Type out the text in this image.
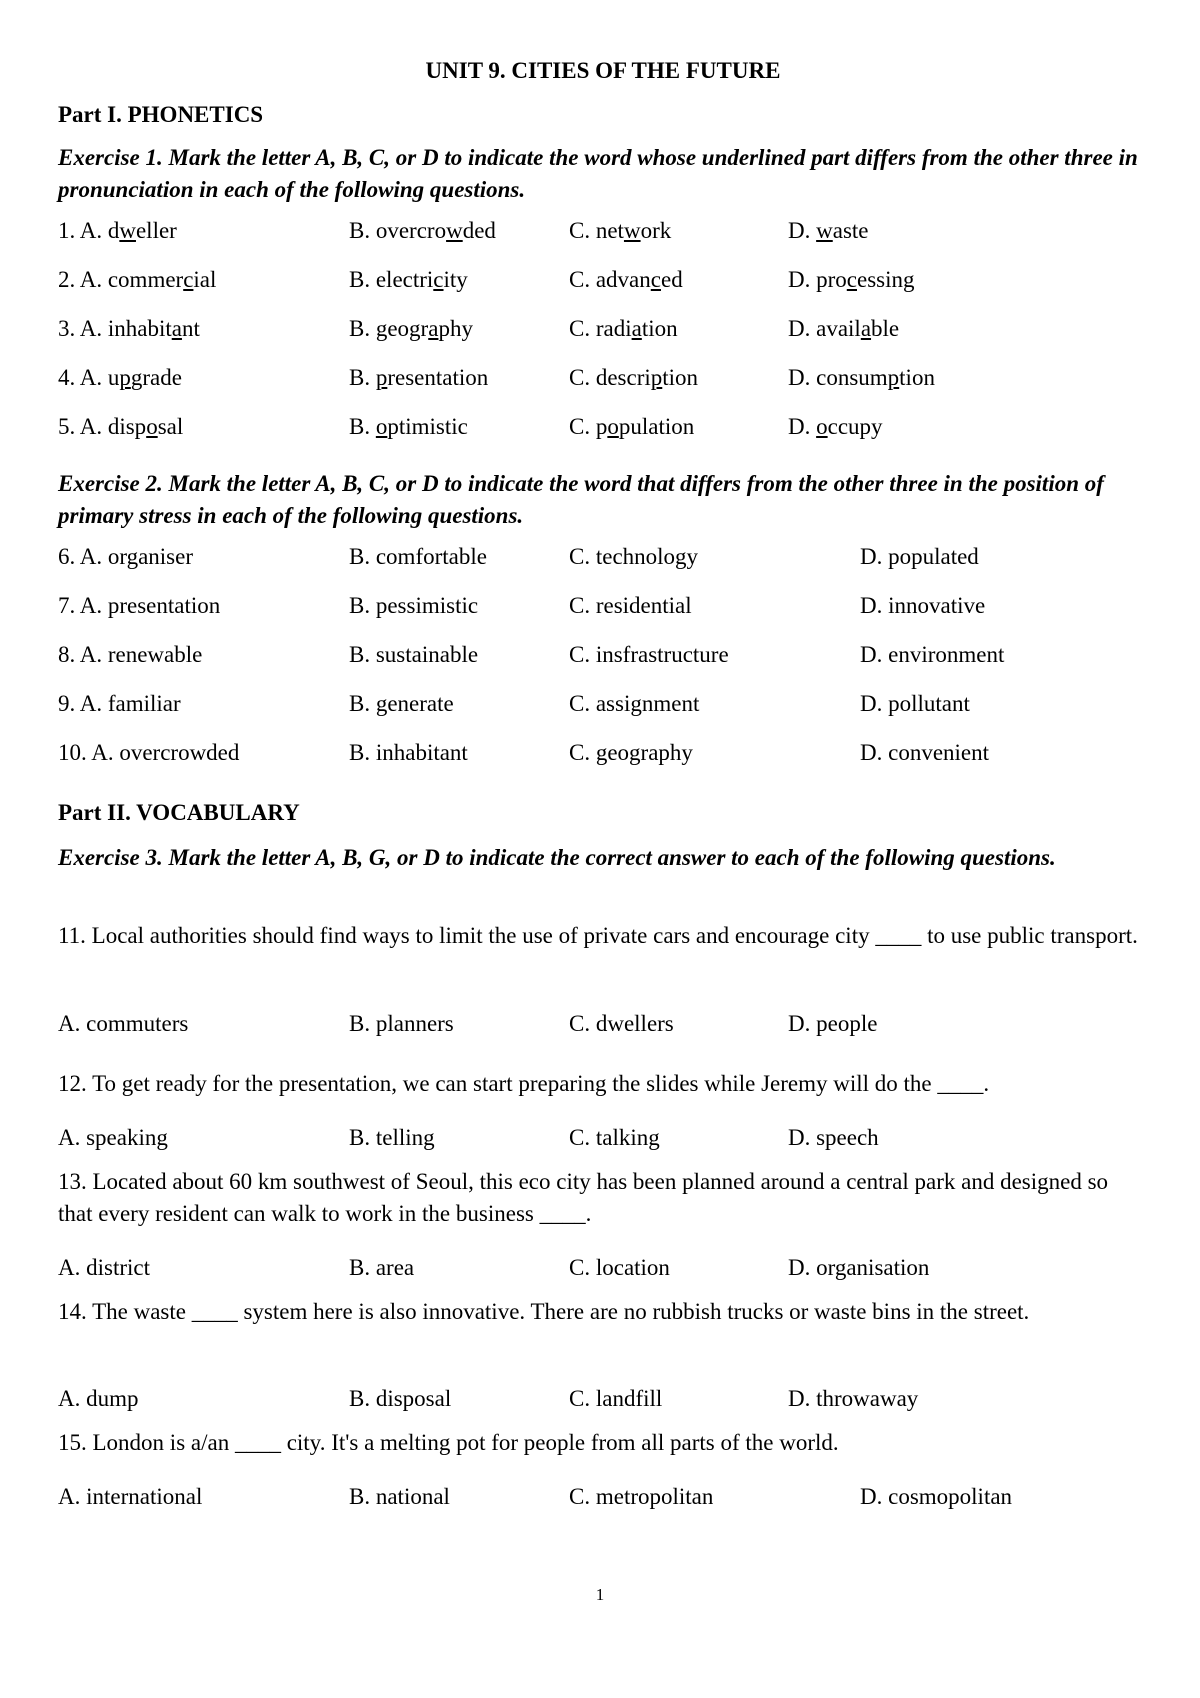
UNIT 9. CITIES OF THE FUTURE
Part I. PHONETICS
Exercise 1. Mark the letter A, B, C, or D to indicate the word whose underlined part differs from the other three in pronunciation in each of the following questions.
1. A. dweller	B. overcrowded	C. network	D. waste
2. A. commercial	B. electricity	C. advanced	D. processing
3. A. inhabitant	B. geography	C. radiation	D. available
4. A. upgrade	B. presentation	C. description	D. consumption
5. A. disposal	B. optimistic	C. population	D. occupy
Exercise 2. Mark the letter A, B, C, or D to indicate the word that differs from the other three in the position of primary stress in each of the following questions.
6. A. organiser	B. comfortable	C. technology	D. populated
7. A. presentation	B. pessimistic	C. residential	D. innovative
8. A. renewable	B. sustainable	C. insfrastructure	D. environment
9. A. familiar	B. generate	C. assignment	D. pollutant
10. A. overcrowded	B. inhabitant	C. geography	D. convenient
Part II. VOCABULARY
Exercise 3. Mark the letter A, B, G, or D to indicate the correct answer to each of the following questions.
11. Local authorities should find ways to limit the use of private cars and encourage city ____ to use public transport.
A. commuters	B. planners	C. dwellers	D. people
12. To get ready for the presentation, we can start preparing the slides while Jeremy will do the ____.
A. speaking	B. telling	C. talking	D. speech
13. Located about 60 km southwest of Seoul, this eco city has been planned around a central park and designed so that every resident can walk to work in the business ____.
A. district	B. area	C. location	D. organisation
14. The waste ____ system here is also innovative. There are no rubbish trucks or waste bins in the street.
A. dump	B. disposal	C. landfill	D. throwaway
15. London is a/an ____ city. It's a melting pot for people from all parts of the world.
A. international	B. national	C. metropolitan	D. cosmopolitan
1
